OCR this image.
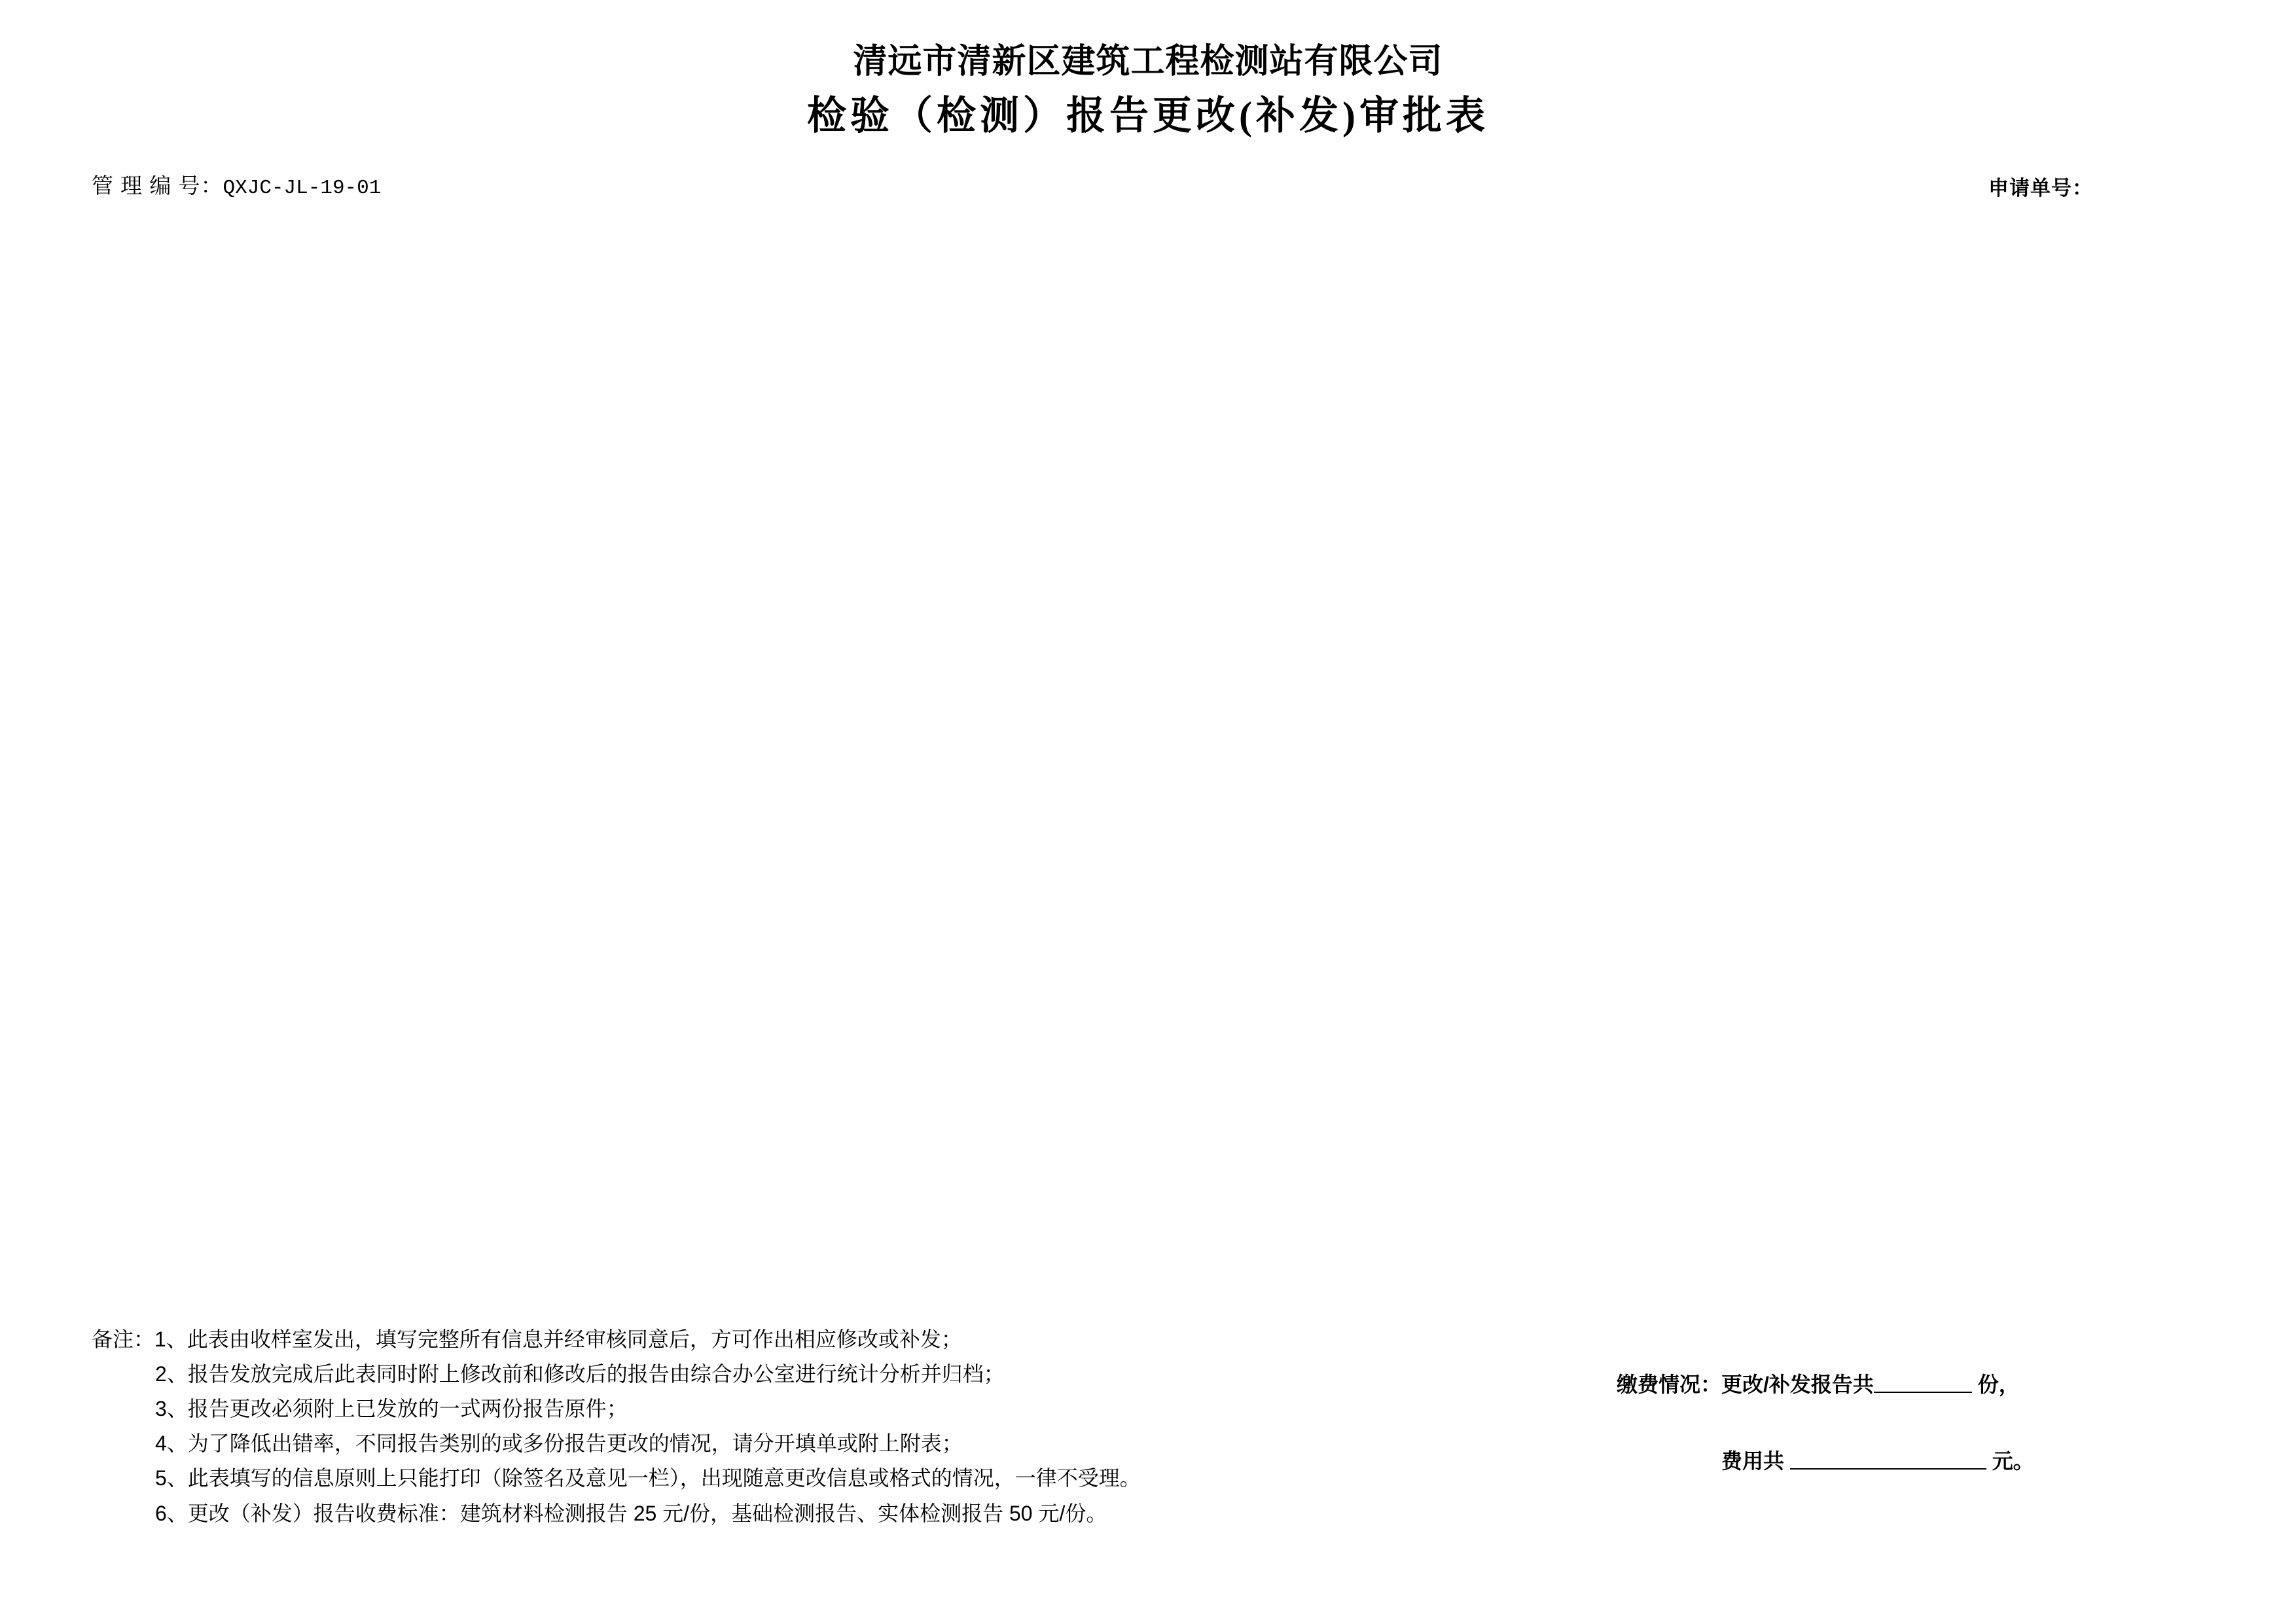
清远市清新区建筑工程检测站有限公司
检验（检测）报告更改(补发)审批表
管 理 编 号：QXJC-JL-19-01	申请单号：
备注：1、此表由收样室发出，填写完整所有信息并经审核同意后，方可作出相应修改或补发；
2、报告发放完成后此表同时附上修改前和修改后的报告由综合办公室进行统计分析并归档；
3、报告更改必须附上已发放的一式两份报告原件；
4、为了降低出错率，不同报告类别的或多份报告更改的情况，请分开填单或附上附表；
5、此表填写的信息原则上只能打印（除签名及意见一栏），出现随意更改信息或格式的情况，一律不受理。
6、更改（补发）报告收费标准：建筑材料检测报告 25 元/份，基础检测报告、实体检测报告 50 元/份。
缴费情况：更改/补发报告共	份，
费用共	元。
